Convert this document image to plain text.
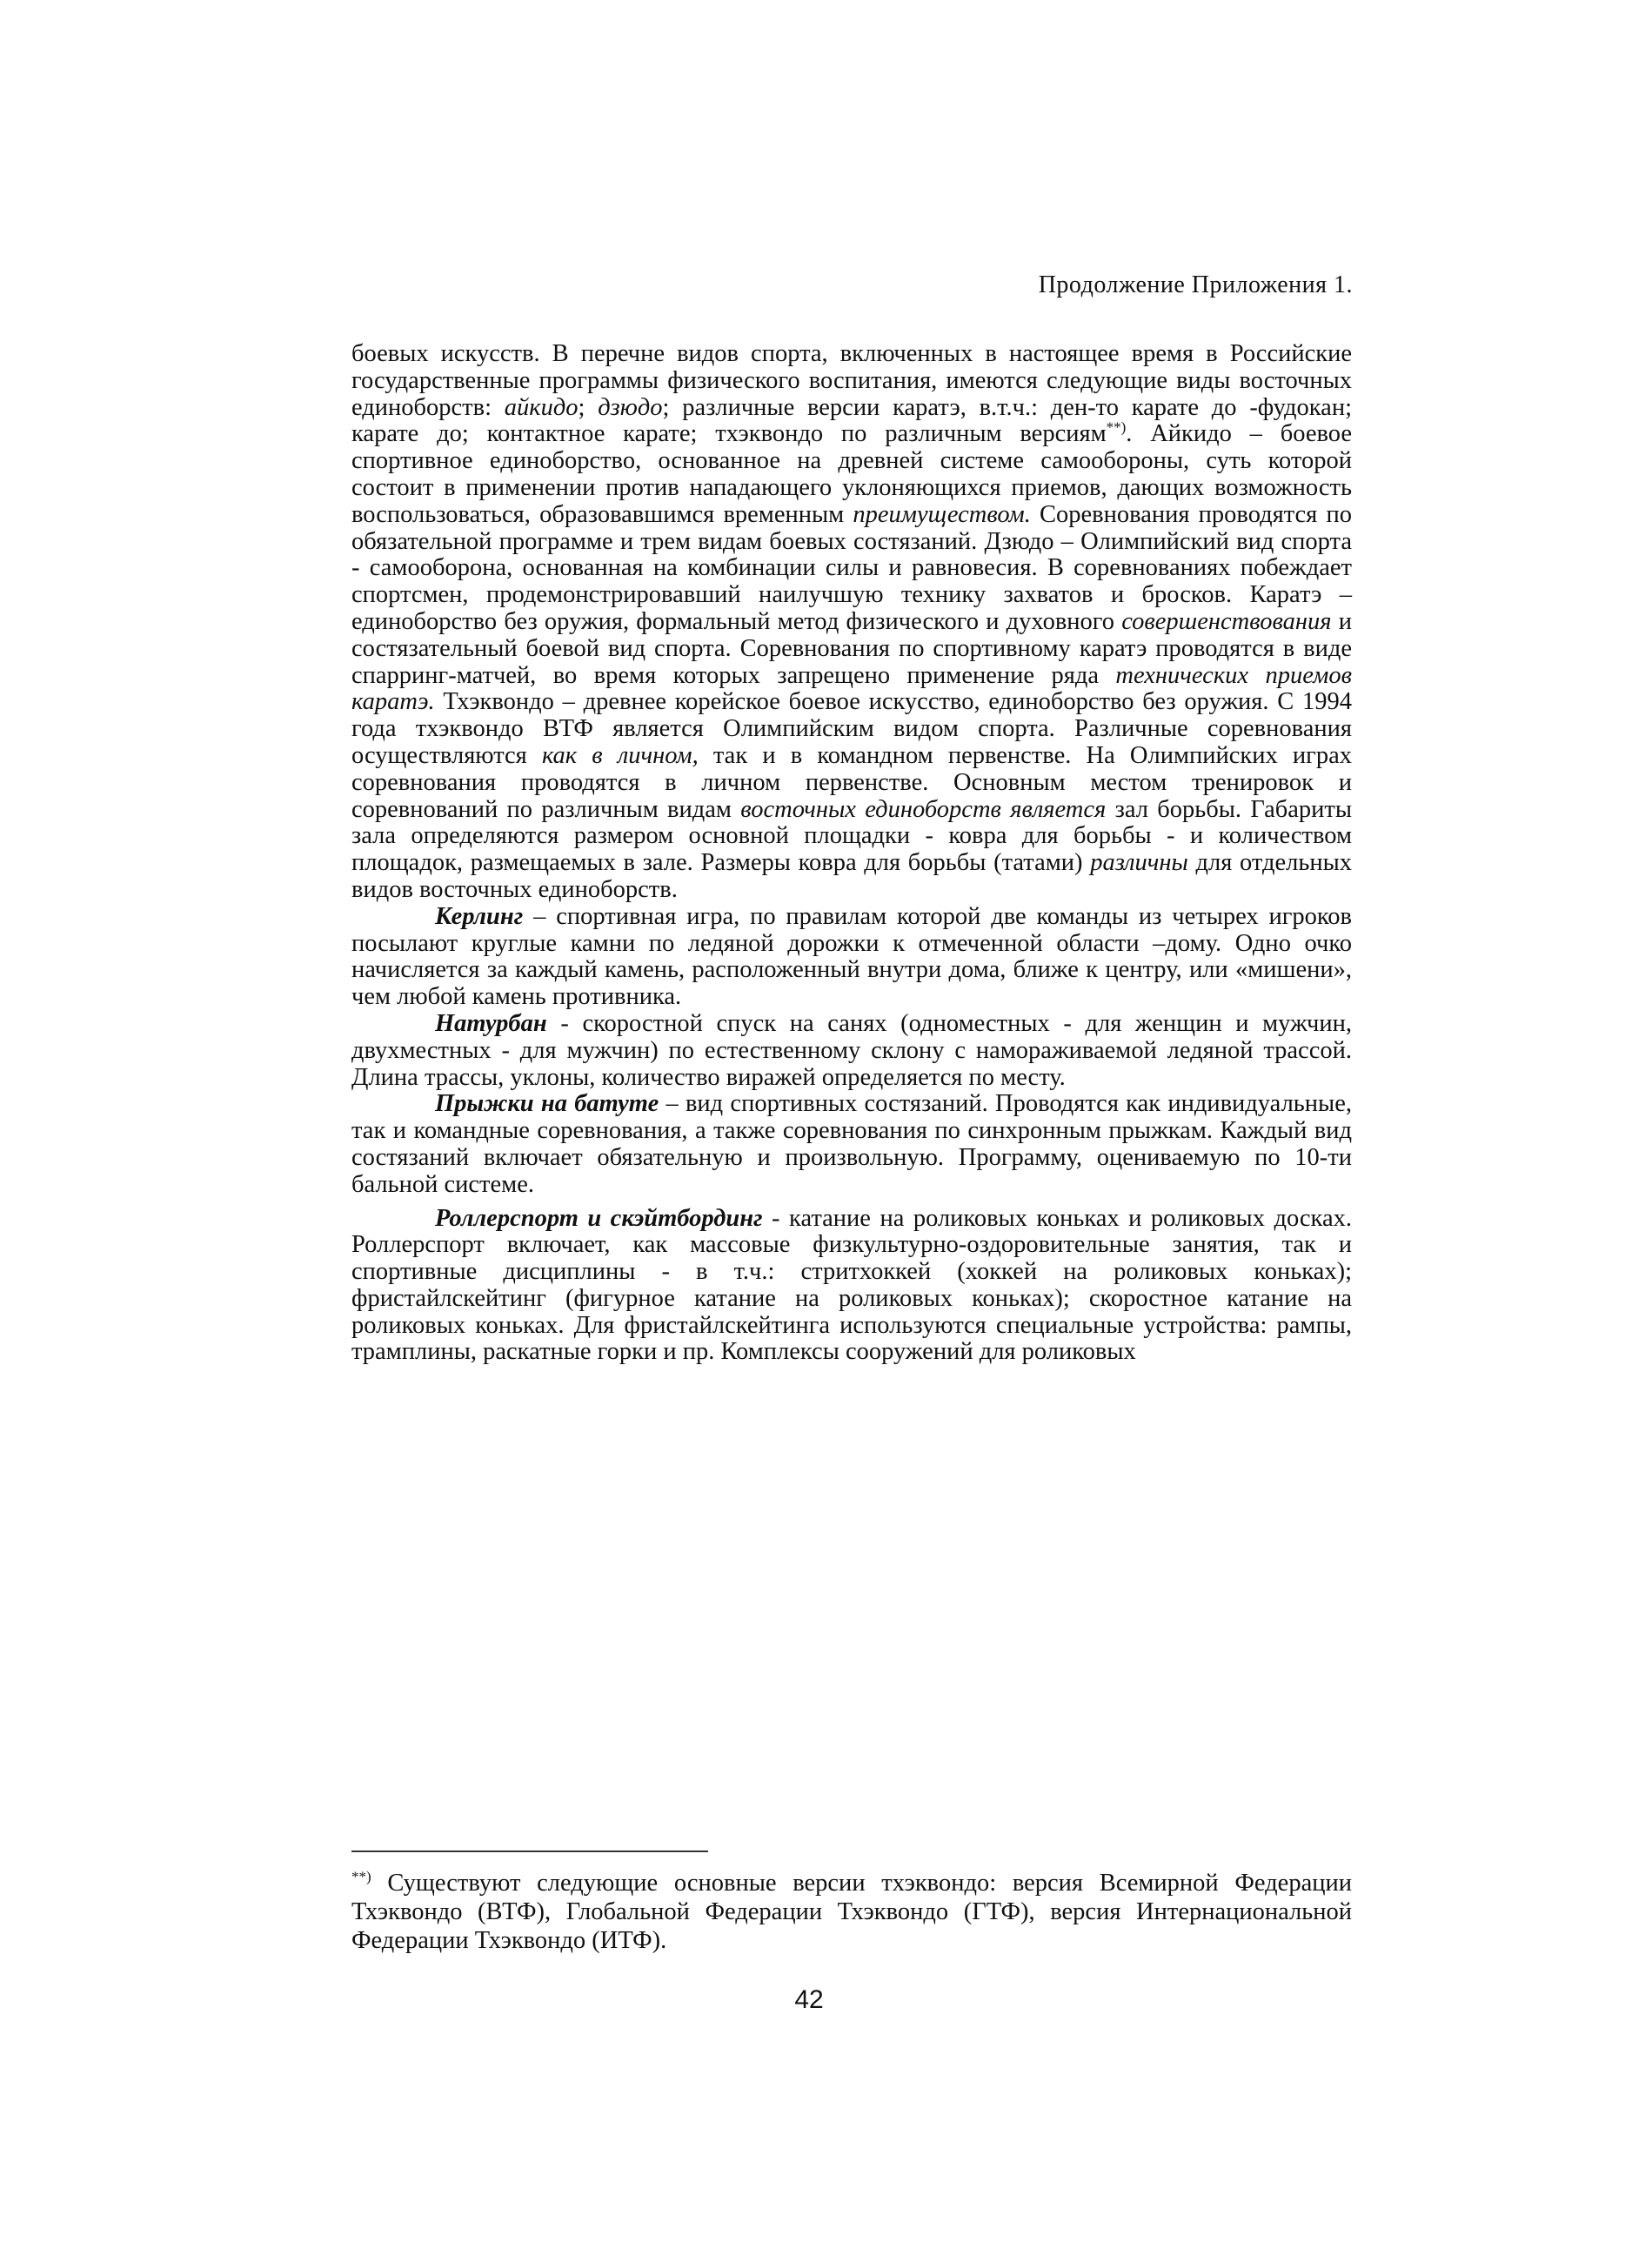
Продолжение Приложения 1.

боевых искусств. В перечне видов спорта, включенных в настоящее время в Российские государственные программы физического воспитания, имеются следующие виды восточных единоборств: айкидо; дзюдо; различные версии каратэ, в.т.ч.: ден-то карате до -фудокан; карате до; контактное карате; тхэквондо по различным версиям**). Айкидо – боевое спортивное единоборство, основанное на древней системе самообороны, суть которой состоит в применении против нападающего уклоняющихся приемов, дающих возможность воспользоваться, образовавшимся временным преимуществом. Соревнования проводятся по обязательной программе и трем видам боевых состязаний. Дзюдо – Олимпийский вид спорта - самооборона, основанная на комбинации силы и равновесия. В соревнованиях побеждает спортсмен, продемонстрировавший наилучшую технику захватов и бросков. Каратэ – единоборство без оружия, формальный метод физического и духовного совершенствования и состязательный боевой вид спорта. Соревнования по спортивному каратэ проводятся в виде спарринг-матчей, во время которых запрещено применение ряда технических приемов каратэ. Тхэквондо – древнее корейское боевое искусство, единоборство без оружия. С 1994 года тхэквондо ВТФ является Олимпийским видом спорта. Различные соревнования осуществляются как в личном, так и в командном первенстве. На Олимпийских играх соревнования проводятся в личном первенстве. Основным местом тренировок и соревнований по различным видам восточных единоборств является зал борьбы. Габариты зала определяются размером основной площадки - ковра для борьбы - и количеством площадок, размещаемых в зале. Размеры ковра для борьбы (татами) различны для отдельных видов восточных единоборств.

Керлинг – спортивная игра, по правилам которой две команды из четырех игроков посылают круглые камни по ледяной дорожки к отмеченной области –дому. Одно очко начисляется за каждый камень, расположенный внутри дома, ближе к центру, или «мишени», чем любой камень противника.

Натурбан - скоростной спуск на санях (одноместных - для женщин и мужчин, двухместных - для мужчин) по естественному склону с намораживаемой ледяной трассой. Длина трассы, уклоны, количество виражей определяется по месту.

Прыжки на батуте – вид спортивных состязаний. Проводятся как индивидуальные, так и командные соревнования, а также соревнования по синхронным прыжкам. Каждый вид состязаний включает обязательную и произвольную. Программу, оцениваемую по 10-ти бальной системе.

Роллерспорт и скэйтбординг - катание на роликовых коньках и роликовых досках. Роллерспорт включает, как массовые физкультурно-оздоровительные занятия, так и спортивные дисциплины - в т.ч.: стритхоккей (хоккей на роликовых коньках); фристайлскейтинг (фигурное катание на роликовых коньках); скоростное катание на роликовых коньках. Для фристайлскейтинга используются специальные устройства: рампы, трамплины, раскатные горки и пр. Комплексы сооружений для роликовых

**) Существуют следующие основные версии тхэквондо: версия Всемирной Федерации Тхэквондо (ВТФ), Глобальной Федерации Тхэквондо (ГТФ), версия Интернациональной Федерации Тхэквондо (ИТФ).

42
